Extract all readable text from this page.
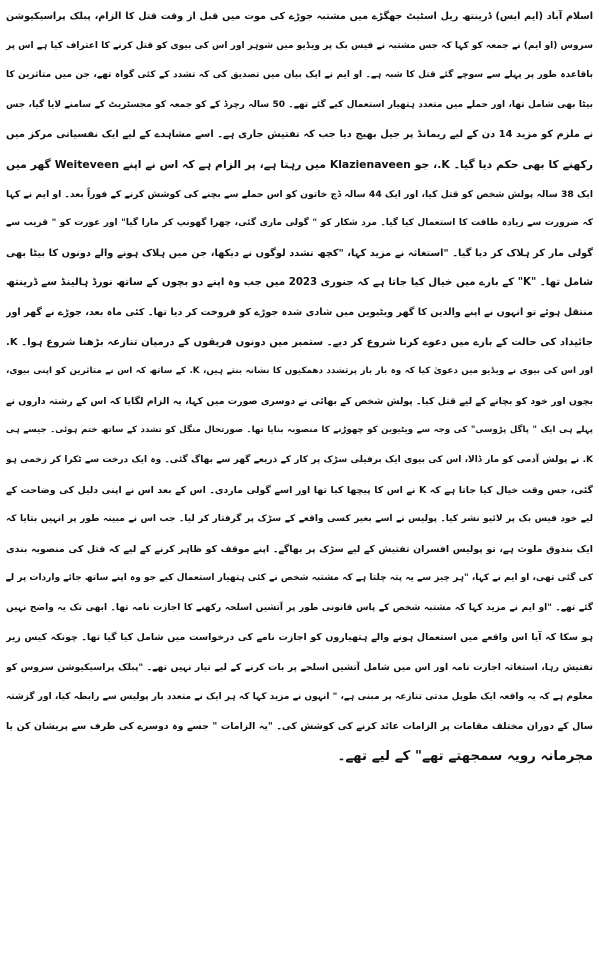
اسلام آباد (ایم ایس) ڈرینتھ ریل اسٹیٹ جھگڑے میں مشتبہ جوڑے کی موت میں قبل از وقت قتل کا الزام، پبلک پراسیکیوشن
سروس (او ایم) نے جمعہ کو کہا کہ جس مشتبہ نے فیس بک پر ویڈیو میں شوہر اور اس کی بیوی کو قتل کرنے کا اعتراف کیا ہے اس پر
باقاعدہ طور پر پہلے سے سوچے گئے قتل کا شبہ ہے۔ او ایم نے ایک بیان میں تصدیق کی کہ تشدد کے کئی گواہ تھے، جن میں متاثرین کا
بیٹا بھی شامل تھا، اور حملے میں متعدد ہتھیار استعمال کیے گئے تھے۔ 50 سالہ رچرڈ کے کو جمعہ کو مجسٹریٹ کے سامنے لایا گیا، جس
نے ملزم کو مزید 14 دن کے لیے ریمانڈ پر جیل بھیج دیا جب کہ تفتیش جاری ہے۔ اسے مشاہدے کے لیے ایک نفسیاتی مرکز میں
رکھنے کا بھی حکم دیا گیا۔ K.، جو Klazienaveen میں رہتا ہے، پر الزام ہے کہ اس نے اپنے Weiteveen گھر میں
ایک 38 سالہ پولش شخص کو قتل کیا، اور ایک 44 سالہ ڈچ خاتون کو اس حملے سے بچنے کی کوشش کرنے کے فوراً بعد۔ او ایم نے کہا
کہ ضرورت سے زیادہ طاقت کا استعمال کیا گیا۔ مرد شکار کو " گولی ماری گئی، چھرا گھونپ کر مارا گیا" اور عورت کو " قریب سے
گولی مار کر ہلاک کر دیا گیا۔ "استغاثہ نے مزید کہا، "کچھ تشدد لوگوں نے دیکھا، جن میں ہلاک ہونے والے دونوں کا بیٹا بھی
شامل تھا۔ "K" کے بارے میں خیال کیا جاتا ہے کہ جنوری 2023 میں جب وہ اپنے دو بچوں کے ساتھ نورڈ ہالینڈ سے ڈرینتھ
منتقل ہوئے تو انہوں نے اپنے والدین کا گھر ویٹیوین میں شادی شدہ جوڑے کو فروخت کر دیا تھا۔ کئی ماہ بعد، جوڑے نے گھر اور
جائیداد کی حالت کے بارے میں دعوے کرنا شروع کر دیے۔ ستمبر میں دونوں فریقوں کے درمیان تنازعہ بڑھنا شروع ہوا۔ K.
اور اس کی بیوی نے ویڈیو میں دعویٰ کیا کہ وہ بار بار پرتشدد دھمکیوں کا نشانہ بنتے ہیں، K. کے ساتھ کہ اس نے متاثرین کو اپنی بیوی،
بچوں اور خود کو بچانے کے لیے قتل کیا۔ پولش شخص کے بھائی نے دوسری صورت میں کہا، یہ الزام لگایا کہ اس کے رشتہ داروں نے
پہلے ہی ایک " پاگل پڑوسی" کی وجہ سے ویٹیوین کو چھوڑنے کا منصوبہ بنایا تھا۔ صورتحال منگل کو تشدد کے ساتھ ختم ہوئی۔ جیسے ہی
K. نے پولش آدمی کو مار ڈالا، اس کی بیوی ایک برفیلی سڑک پر کار کے ذریعے گھر سے بھاگ گئی۔ وہ ایک درخت سے ٹکرا کر زخمی ہو
گئی، جس وقت خیال کیا جاتا ہے کہ K نے اس کا پیچھا کیا تھا اور اسے گولی ماردی۔ اس کے بعد اس نے اپنی دلیل کی وضاحت کے
لیے خود فیس بک پر لائیو نشر کیا۔ پولیس نے اسے بغیر کسی واقعے کے سڑک پر گرفتار کر لیا۔ جب اس نے مبینہ طور پر انہیں بتایا کہ
ایک بندوق ملوث ہے، تو پولیس افسران تفتیش کے لیے سڑک پر بھاگے۔ اپنے موقف کو ظاہر کرنے کے لیے کہ قتل کی منصوبہ بندی
کی گئی تھی، او ایم نے کہا، "ہر چیز سے یہ پتہ چلتا ہے کہ مشتبہ شخص نے کئی ہتھیار استعمال کیے جو وہ اپنے ساتھ جائے واردات پر لے
گئے تھے۔ "او ایم نے مزید کہا کہ مشتبہ شخص کے پاس قانونی طور پر آتشیں اسلحہ رکھنے کا اجازت نامہ تھا۔ ابھی تک یہ واضح نہیں
ہو سکا کہ آیا اس واقعے میں استعمال ہونے والے ہتھیاروں کو اجازت نامے کی درخواست میں شامل کیا گیا تھا۔ چونکہ کیس زیر
تفتیش رہا، استغاثہ اجازت نامہ اور اس میں شامل آتشیں اسلحے پر بات کرنے کے لیے تیار نہیں تھے۔ "پبلک پراسیکیوشن سروس کو
معلوم ہے کہ یہ واقعہ ایک طویل مدتی تنازعہ پر مبنی ہے، " انہوں نے مزید کہا کہ ہر ایک نے متعدد بار پولیس سے رابطہ کیا، اور گزشتہ
سال کے دوران مختلف مقامات پر الزامات عائد کرنے کی کوشش کی۔ "یہ الزامات " جسے وہ دوسرے کی طرف سے پریشان کن یا
مجرمانہ رویہ سمجھتے تھے" کے لیے تھے۔
